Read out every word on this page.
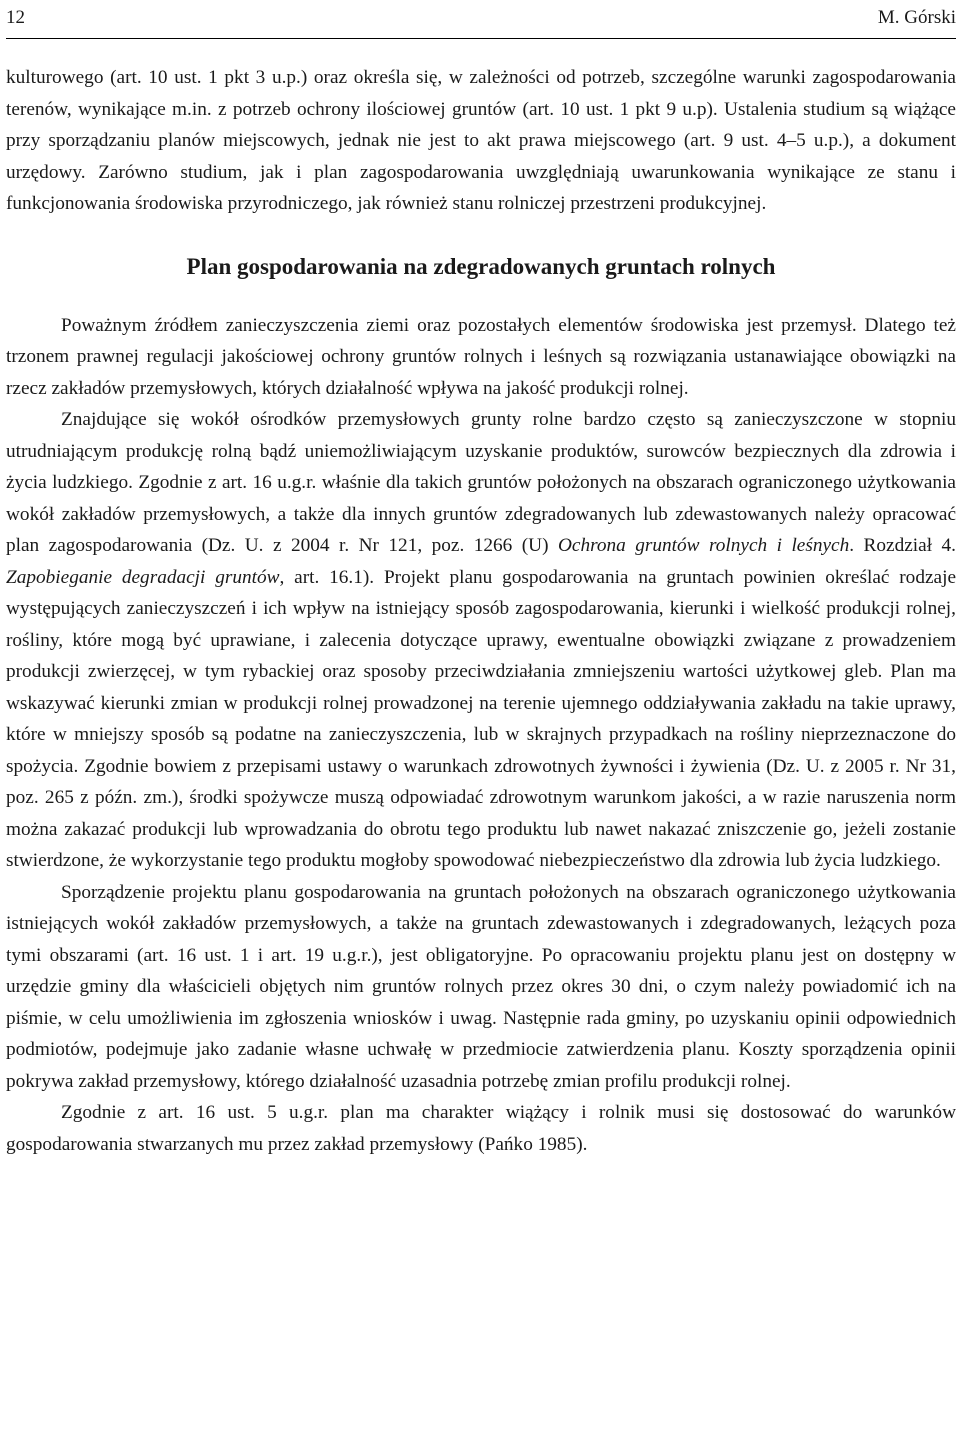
12	M. Górski

kulturowego (art. 10 ust. 1 pkt 3 u.p.) oraz określa się, w zależności od potrzeb, szczególne warunki zagospodarowania terenów, wynikające m.in. z potrzeb ochrony ilościowej gruntów (art. 10 ust. 1 pkt 9 u.p). Ustalenia studium są wiążące przy sporządzaniu planów miejscowych, jednak nie jest to akt prawa miejscowego (art. 9 ust. 4–5 u.p.), a dokument urzędowy. Zarówno studium, jak i plan zagospodarowania uwzględniają uwarunkowania wynikające ze stanu i funkcjonowania środowiska przyrodniczego, jak również stanu rolniczej przestrzeni produkcyjnej.

Plan gospodarowania na zdegradowanych gruntach rolnych

Poważnym źródłem zanieczyszczenia ziemi oraz pozostałych elementów środowiska jest przemysł. Dlatego też trzonem prawnej regulacji jakościowej ochrony gruntów rolnych i leśnych są rozwiązania ustanawiające obowiązki na rzecz zakładów przemysłowych, których działalność wpływa na jakość produkcji rolnej.

Znajdujące się wokół ośrodków przemysłowych grunty rolne bardzo często są zanieczyszczone w stopniu utrudniającym produkcję rolną bądź uniemożliwiającym uzyskanie produktów, surowców bezpiecznych dla zdrowia i życia ludzkiego. Zgodnie z art. 16 u.g.r. właśnie dla takich gruntów położonych na obszarach ograniczonego użytkowania wokół zakładów przemysłowych, a także dla innych gruntów zdegradowanych lub zdewastowanych należy opracować plan zagospodarowania (Dz. U. z 2004 r. Nr 121, poz. 1266 (U) Ochrona gruntów rolnych i leśnych. Rozdział 4. Zapobieganie degradacji gruntów, art. 16.1). Projekt planu gospodarowania na gruntach powinien określać rodzaje występujących zanieczyszczeń i ich wpływ na istniejący sposób zagospodarowania, kierunki i wielkość produkcji rolnej, rośliny, które mogą być uprawiane, i zalecenia dotyczące uprawy, ewentualne obowiązki związane z prowadzeniem produkcji zwierzęcej, w tym rybackiej oraz sposoby przeciwdziałania zmniejszeniu wartości użytkowej gleb. Plan ma wskazywać kierunki zmian w produkcji rolnej prowadzonej na terenie ujemnego oddziaływania zakładu na takie uprawy, które w mniejszy sposób są podatne na zanieczyszczenia, lub w skrajnych przypadkach na rośliny nieprzeznaczone do spożycia. Zgodnie bowiem z przepisami ustawy o warunkach zdrowotnych żywności i żywienia (Dz. U. z 2005 r. Nr 31, poz. 265 z późn. zm.), środki spożywcze muszą odpowiadać zdrowotnym warunkom jakości, a w razie naruszenia norm można zakazać produkcji lub wprowadzania do obrotu tego produktu lub nawet nakazać zniszczenie go, jeżeli zostanie stwierdzone, że wykorzystanie tego produktu mogłoby spowodować niebezpieczeństwo dla zdrowia lub życia ludzkiego.

Sporządzenie projektu planu gospodarowania na gruntach położonych na obszarach ograniczonego użytkowania istniejących wokół zakładów przemysłowych, a także na gruntach zdewastowanych i zdegradowanych, leżących poza tymi obszarami (art. 16 ust. 1 i art. 19 u.g.r.), jest obligatoryjne. Po opracowaniu projektu planu jest on dostępny w urzędzie gminy dla właścicieli objętych nim gruntów rolnych przez okres 30 dni, o czym należy powiadomić ich na piśmie, w celu umożliwienia im zgłoszenia wniosków i uwag. Następnie rada gminy, po uzyskaniu opinii odpowiednich podmiotów, podejmuje jako zadanie własne uchwałę w przedmiocie zatwierdzenia planu. Koszty sporządzenia opinii pokrywa zakład przemysłowy, którego działalność uzasadnia potrzebę zmian profilu produkcji rolnej.

Zgodnie z art. 16 ust. 5 u.g.r. plan ma charakter wiążący i rolnik musi się dostosować do warunków gospodarowania stwarzanych mu przez zakład przemysłowy (Pańko 1985).
